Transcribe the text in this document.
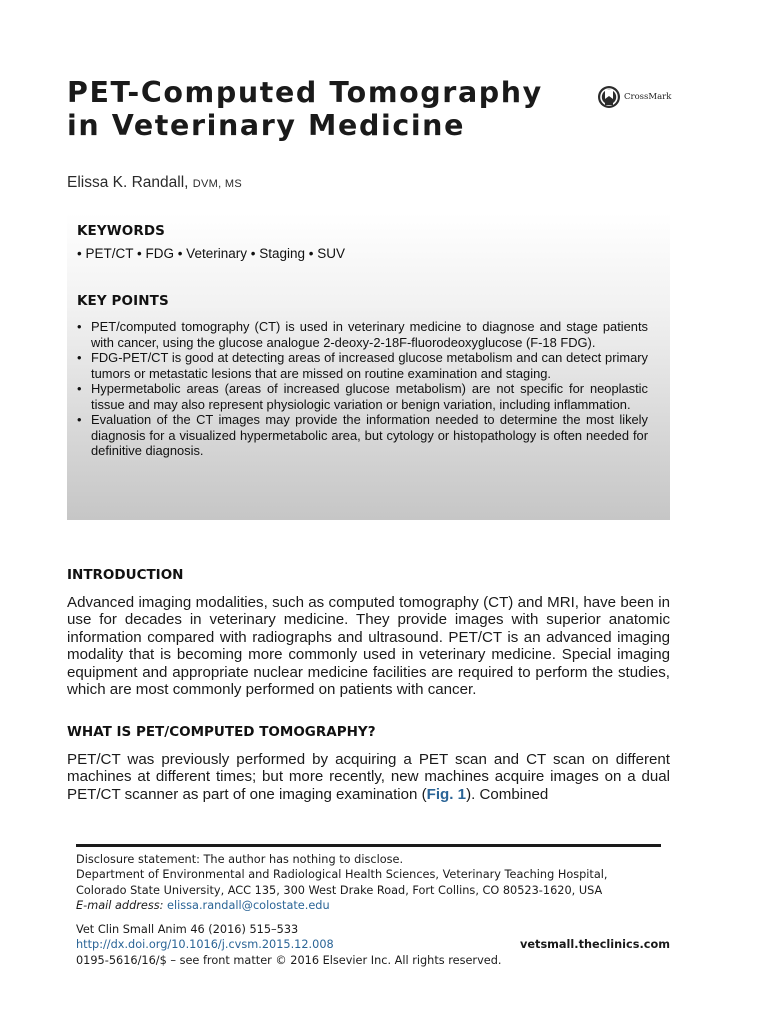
PET-Computed Tomography
in Veterinary Medicine
CrossMark
Elissa K. Randall, DVM, MS
KEYWORDS
• PET/CT • FDG • Veterinary • Staging • SUV
KEY POINTS
• PET/computed tomography (CT) is used in veterinary medicine to diagnose and stage patients with cancer, using the glucose analogue 2-deoxy-2-18F-fluorodeoxyglucose (F-18 FDG).
• FDG-PET/CT is good at detecting areas of increased glucose metabolism and can detect primary tumors or metastatic lesions that are missed on routine examination and staging.
• Hypermetabolic areas (areas of increased glucose metabolism) are not specific for neoplastic tissue and may also represent physiologic variation or benign variation, including inflammation.
• Evaluation of the CT images may provide the information needed to determine the most likely diagnosis for a visualized hypermetabolic area, but cytology or histopathology is often needed for definitive diagnosis.
INTRODUCTION

Advanced imaging modalities, such as computed tomography (CT) and MRI, have been in use for decades in veterinary medicine. They provide images with superior anatomic information compared with radiographs and ultrasound. PET/CT is an advanced imaging modality that is becoming more commonly used in veterinary medicine. Special imaging equipment and appropriate nuclear medicine facilities are required to perform the studies, which are most commonly performed on patients with cancer.

WHAT IS PET/COMPUTED TOMOGRAPHY?

PET/CT was previously performed by acquiring a PET scan and CT scan on different machines at different times; but more recently, new machines acquire images on a dual PET/CT scanner as part of one imaging examination (Fig. 1). Combined

Disclosure statement: The author has nothing to disclose.
Department of Environmental and Radiological Health Sciences, Veterinary Teaching Hospital,
Colorado State University, ACC 135, 300 West Drake Road, Fort Collins, CO 80523-1620, USA
E-mail address: elissa.randall@colostate.edu
Vet Clin Small Anim 46 (2016) 515–533
http://dx.doi.org/10.1016/j.cvsm.2015.12.008
0195-5616/16/$ – see front matter © 2016 Elsevier Inc. All rights reserved.
vetsmall.theclinics.com
